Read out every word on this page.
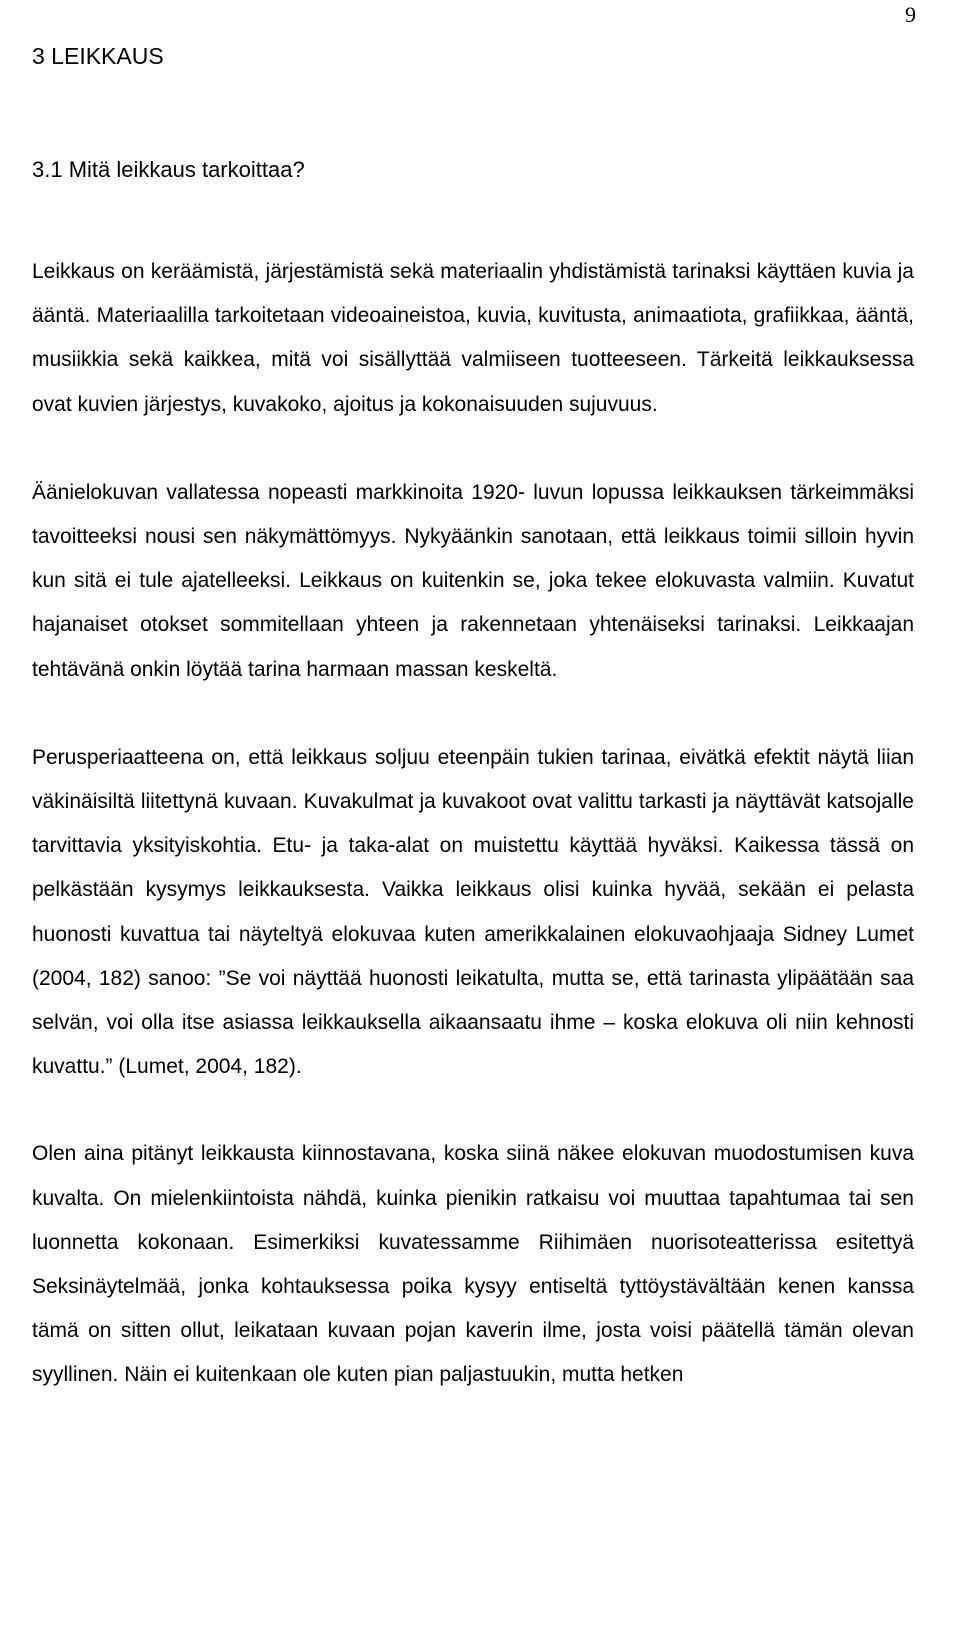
9
3 LEIKKAUS
3.1 Mitä leikkaus tarkoittaa?

Leikkaus on keräämistä, järjestämistä sekä materiaalin yhdistämistä tarinaksi käyttäen kuvia ja ääntä. Materiaalilla tarkoitetaan videoaineistoa, kuvia, kuvitusta, animaatiota, grafiikkaa, ääntä, musiikkia sekä kaikkea, mitä voi sisällyttää valmiiseen tuotteeseen. Tärkeitä leikkauksessa ovat kuvien järjestys, kuvakoko, ajoitus ja kokonaisuuden sujuvuus.

Äänielokuvan vallatessa nopeasti markkinoita 1920- luvun lopussa leikkauksen tärkeimmäksi tavoitteeksi nousi sen näkymättömyys. Nykyäänkin sanotaan, että leikkaus toimii silloin hyvin kun sitä ei tule ajatelleeksi. Leikkaus on kuitenkin se, joka tekee elokuvasta valmiin. Kuvatut hajanaiset otokset sommitellaan yhteen ja rakennetaan yhtenäiseksi tarinaksi. Leikkaajan tehtävänä onkin löytää tarina harmaan massan keskeltä.

Perusperiaatteena on, että leikkaus soljuu eteenpäin tukien tarinaa, eivätkä efektit näytä liian väkinäisiltä liitettynä kuvaan. Kuvakulmat ja kuvakoot ovat valittu tarkasti ja näyttävät katsojalle tarvittavia yksityiskohtia. Etu- ja taka-alat on muistettu käyttää hyväksi. Kaikessa tässä on pelkästään kysymys leikkauksesta. Vaikka leikkaus olisi kuinka hyvää, sekään ei pelasta huonosti kuvattua tai näyteltyä elokuvaa kuten amerikkalainen elokuvaohjaaja Sidney Lumet (2004, 182) sanoo: ”Se voi näyttää huonosti leikatulta, mutta se, että tarinasta ylipäätään saa selvän, voi olla itse asiassa leikkauksella aikaansaatu ihme – koska elokuva oli niin kehnosti kuvattu.” (Lumet, 2004, 182).

Olen aina pitänyt leikkausta kiinnostavana, koska siinä näkee elokuvan muodostumisen kuva kuvalta. On mielenkiintoista nähdä, kuinka pienikin ratkaisu voi muuttaa tapahtumaa tai sen luonnetta kokonaan. Esimerkiksi kuvatessamme Riihimäen nuorisoteatterissa esitettyä Seksinäytelmää, jonka kohtauksessa poika kysyy entiseltä tyttöystävältään kenen kanssa tämä on sitten ollut, leikataan kuvaan pojan kaverin ilme, josta voisi päätellä tämän olevan syyllinen. Näin ei kuitenkaan ole kuten pian paljastuukin, mutta hetken
